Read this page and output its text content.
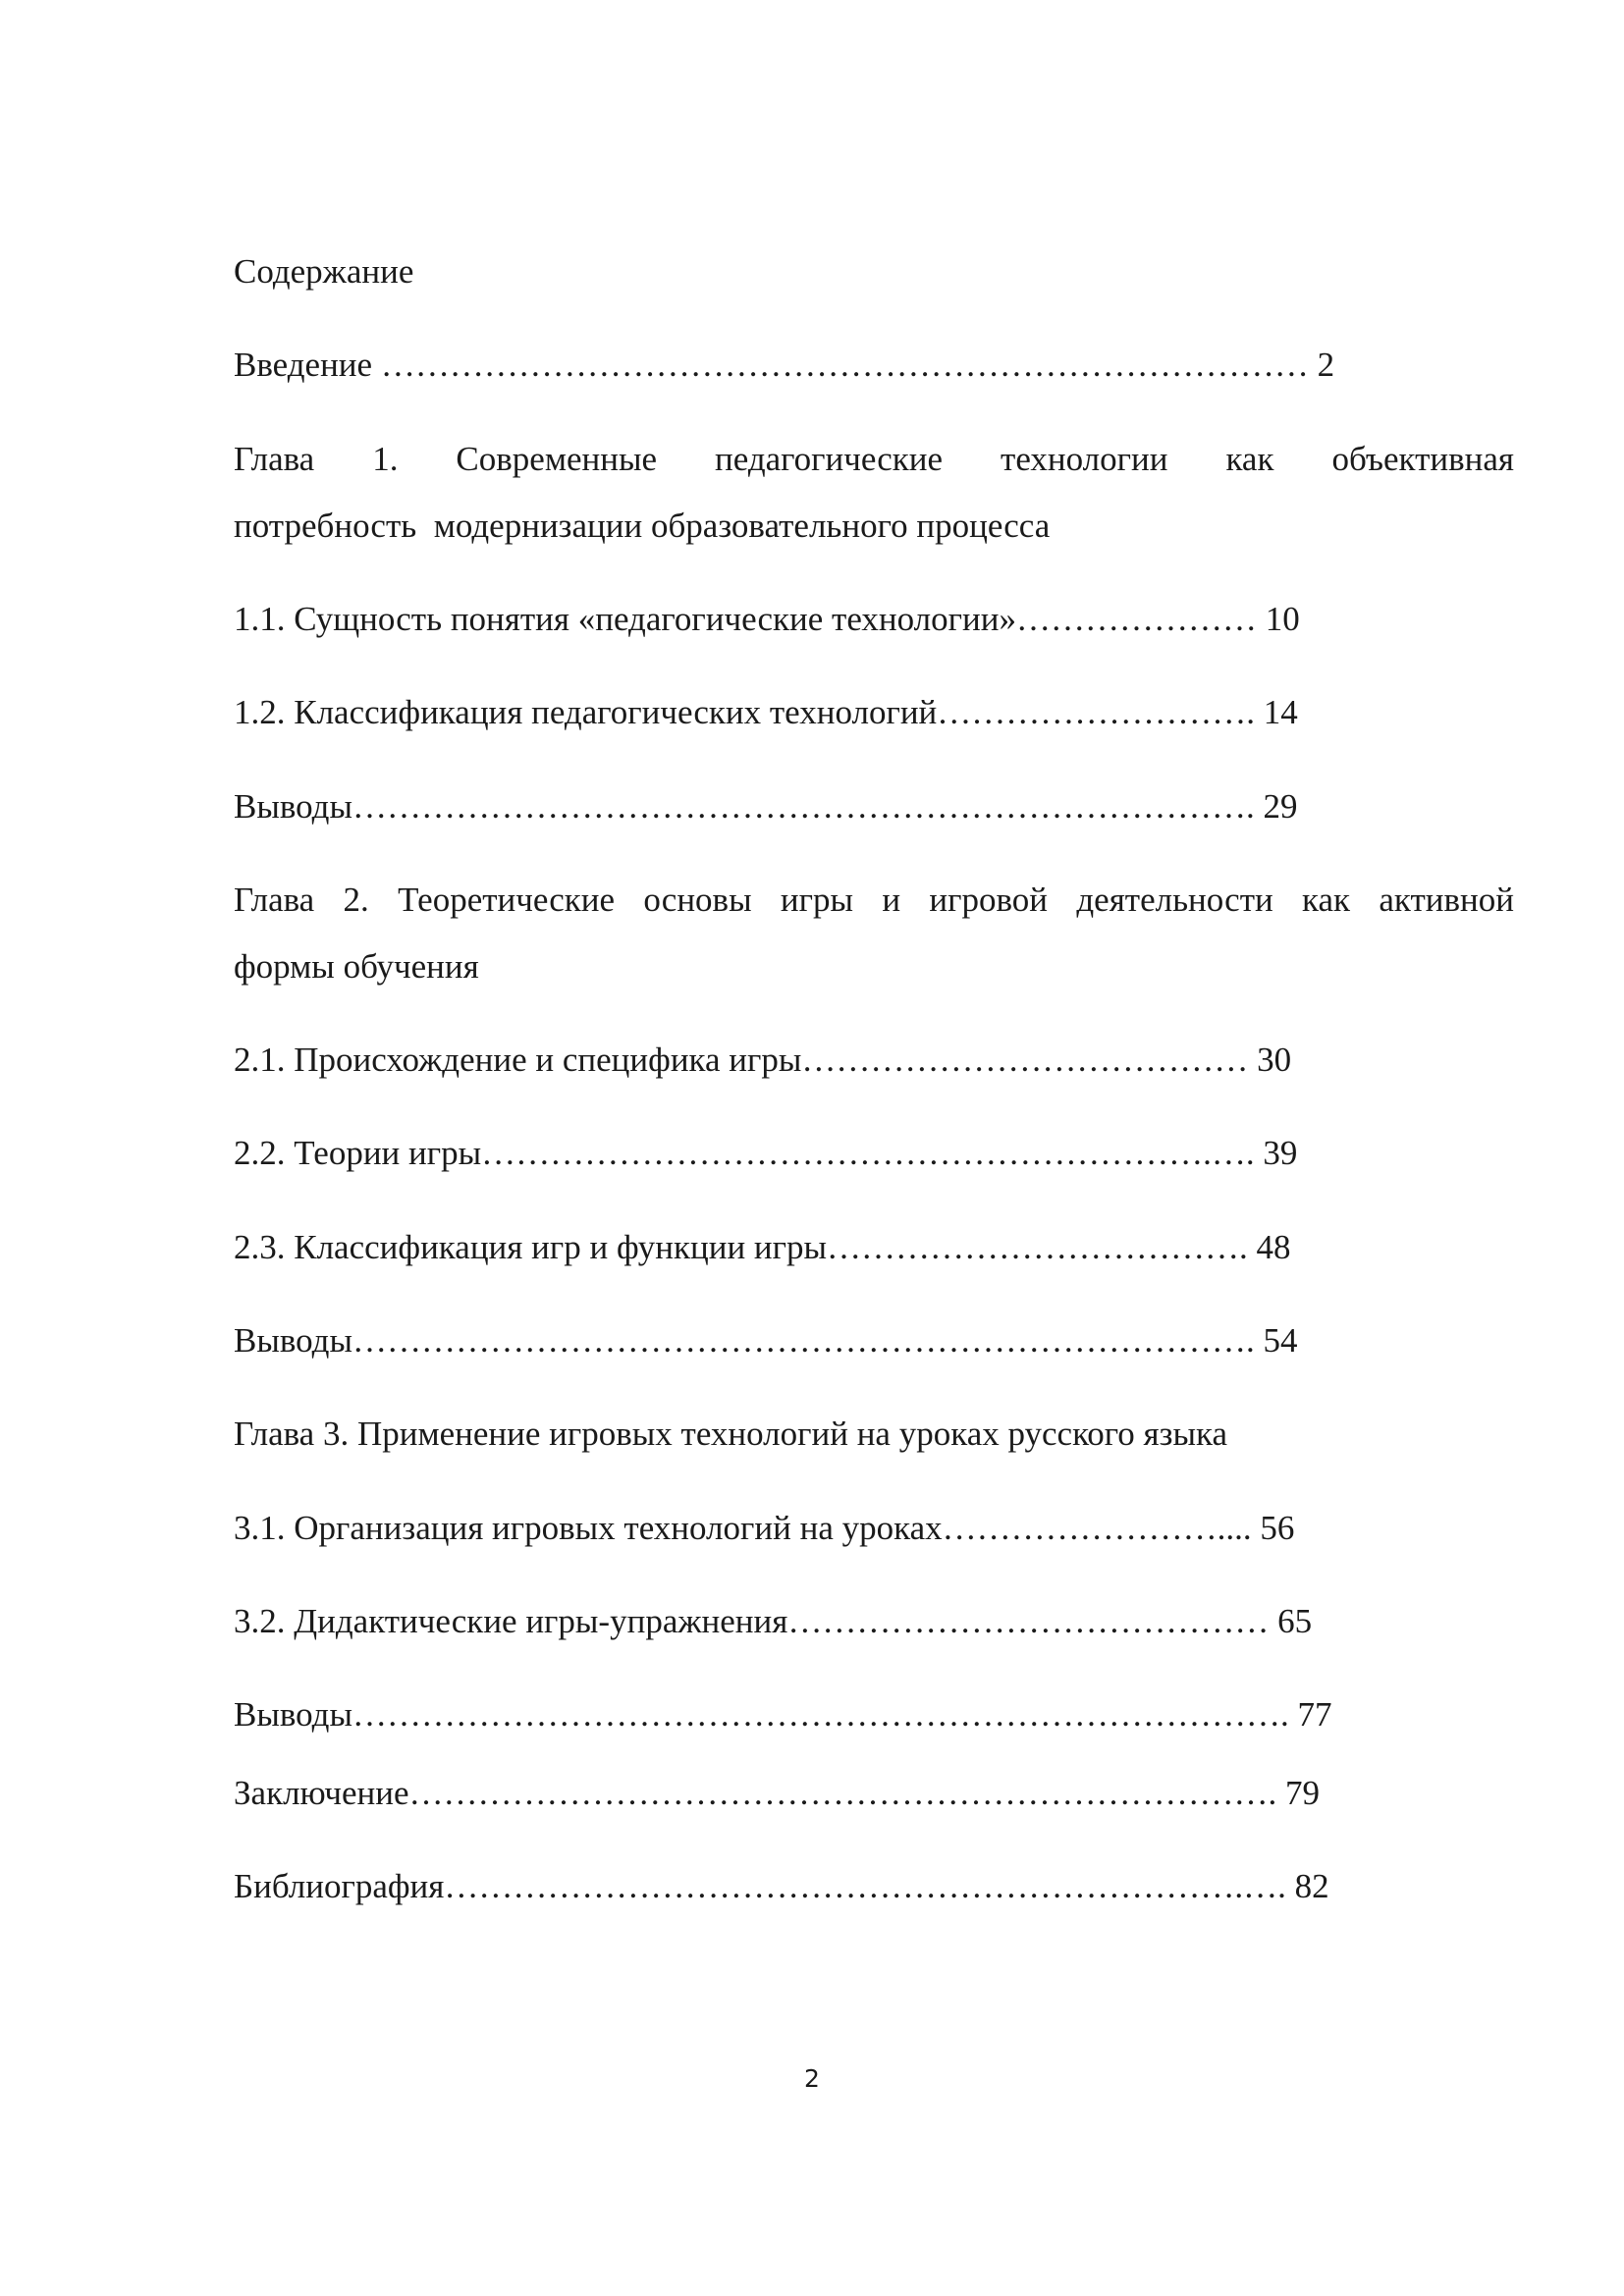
Содержание
Введение ……………………………………………………………………… 2
Глава 1. Современные педагогические технологии как объективная
потребность  модернизации образовательного процесса
1.1. Сущность понятия «педагогические технологии»………………… 10
1.2. Классификация педагогических технологий………………………. 14
Выводы……………………………………………………………………. 29
Глава 2. Теоретические основы игры и игровой деятельности как активной
формы обучения
2.1. Происхождение и специфика игры………………………………… 30
2.2. Теории игры……………………………………………………….…. 39
2.3. Классификация игр и функции игры………………………………. 48
Выводы……………………………………………………………………. 54
Глава 3. Применение игровых технологий на уроках русского языка
3.1. Организация игровых технологий на уроках…………………….... 56
3.2. Дидактические игры-упражнения…………………………………… 65
Выводы………………………………………………………………………. 77
Заключение…………………………………………………………………. 79
Библиография…………………………………………………………….…. 82
2
